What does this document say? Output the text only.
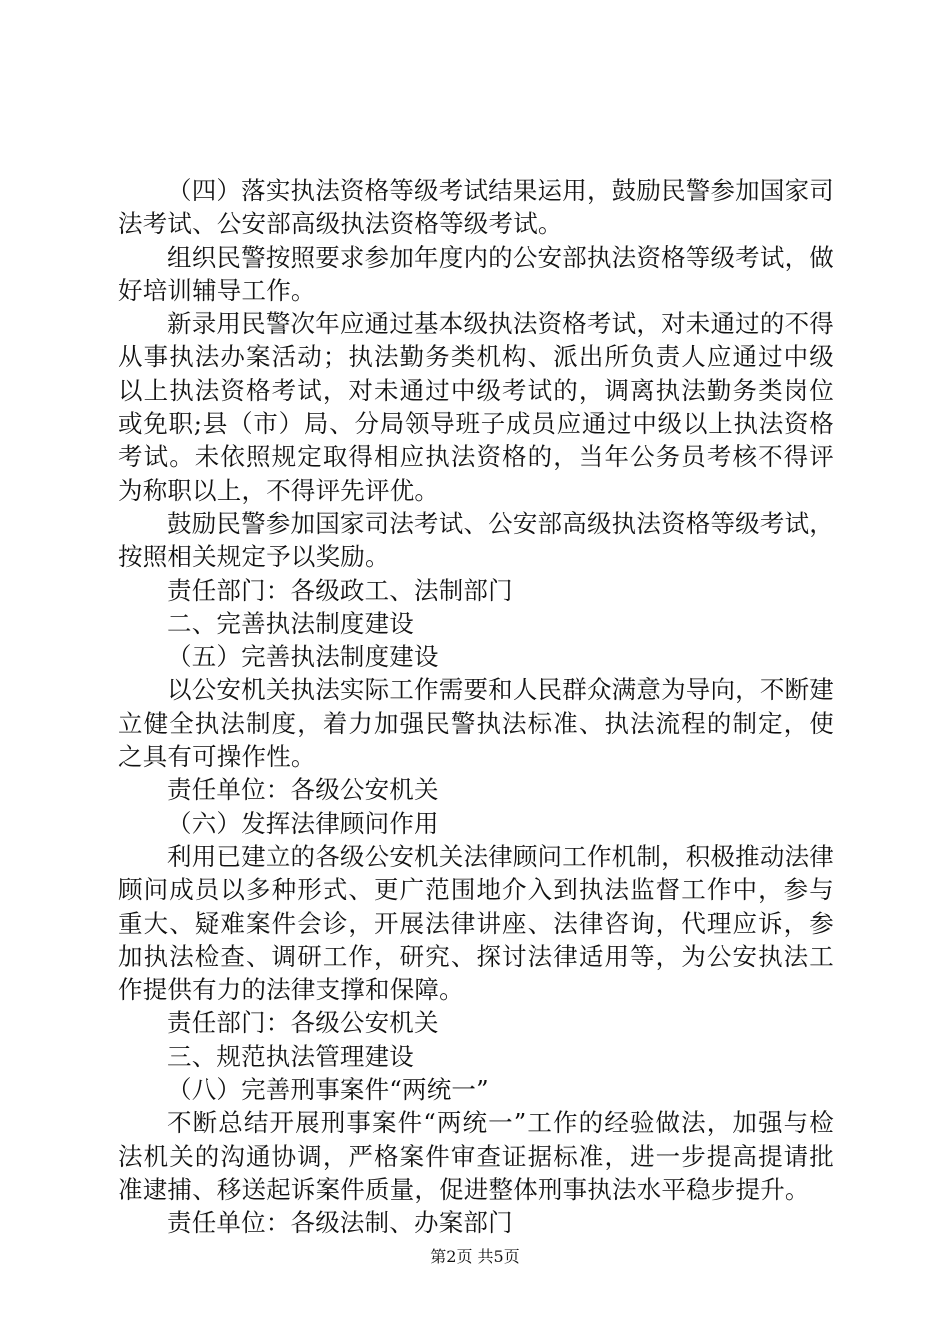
（四）落实执法资格等级考试结果运用，鼓励民警参加国家司法考试、公安部高级执法资格等级考试。

组织民警按照要求参加年度内的公安部执法资格等级考试，做好培训辅导工作。

新录用民警次年应通过基本级执法资格考试，对未通过的不得从事执法办案活动；执法勤务类机构、派出所负责人应通过中级以上执法资格考试，对未通过中级考试的，调离执法勤务类岗位或免职;县（市）局、分局领导班子成员应通过中级以上执法资格考试。未依照规定取得相应执法资格的，当年公务员考核不得评为称职以上，不得评先评优。

鼓励民警参加国家司法考试、公安部高级执法资格等级考试，按照相关规定予以奖励。

责任部门：各级政工、法制部门

二、完善执法制度建设

（五）完善执法制度建设

以公安机关执法实际工作需要和人民群众满意为导向，不断建立健全执法制度，着力加强民警执法标准、执法流程的制定，使之具有可操作性。

责任单位：各级公安机关

（六）发挥法律顾问作用

利用已建立的各级公安机关法律顾问工作机制，积极推动法律顾问成员以多种形式、更广范围地介入到执法监督工作中，参与重大、疑难案件会诊，开展法律讲座、法律咨询，代理应诉，参加执法检查、调研工作，研究、探讨法律适用等，为公安执法工作提供有力的法律支撑和保障。

责任部门：各级公安机关

三、规范执法管理建设

（八）完善刑事案件“两统一”

不断总结开展刑事案件“两统一”工作的经验做法，加强与检法机关的沟通协调，严格案件审查证据标准，进一步提高提请批准逮捕、移送起诉案件质量，促进整体刑事执法水平稳步提升。

责任单位：各级法制、办案部门

第2页 共5页
